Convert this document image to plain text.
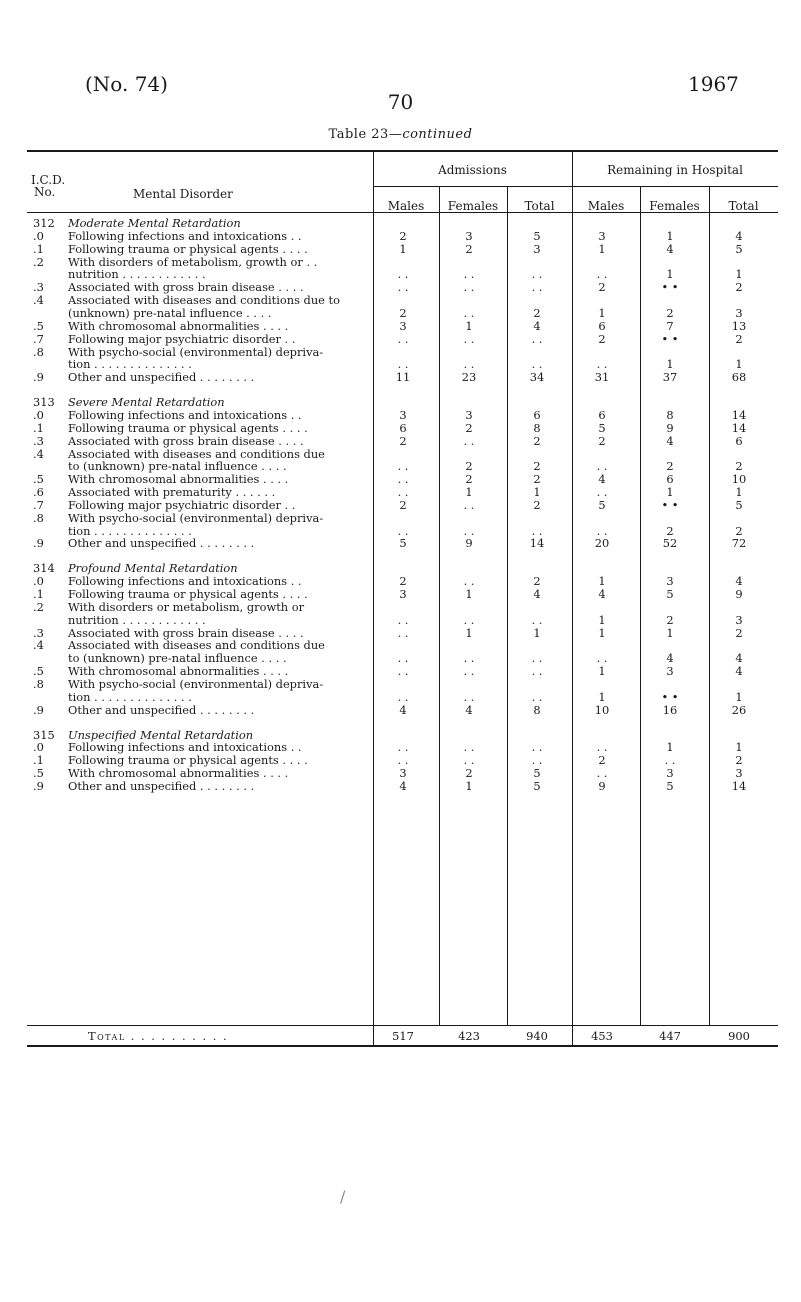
(No. 74)
70
1967
Table 23—continued
Admissions	Remaining in Hospital
I.C.D.
No.	Mental Disorder
Males	Females	Total	Males	Females	Total
312 Moderate Mental Retardation
.0 Following infections and intoxications . .	2	3	5	3	1	4
.1 Following trauma or physical agents . . . .	1	2	3	1	4	5
.2 With disorders of metabolism, growth or . .
nutrition . . . . . . . . . . . .	. .	. .	. .	. .	1	1
.3 Associated with gross brain disease . . . .	. .	. .	. .	2	• •	2
.4 Associated with diseases and conditions due to
(unknown) pre-natal influence . . . .	2	. .	2	1	2	3
.5 With chromosomal abnormalities . . . .	3	1	4	6	7	13
.7 Following major psychiatric disorder . .	. .	. .	. .	2	• •	2
.8 With psycho-social (environmental) depriva-
tion . . . . . . . . . . . . . .	. .	. .	. .	. .	1	1
.9 Other and unspecified . . . . . . . .	11	23	34	31	37	68
313 Severe Mental Retardation
.0 Following infections and intoxications . .	3	3	6	6	8	14
.1 Following trauma or physical agents . . . .	6	2	8	5	9	14
.3 Associated with gross brain disease . . . .	2	. .	2	2	4	6
.4 Associated with diseases and conditions due
to (unknown) pre-natal influence . . . .	. .	2	2	. .	2	2
.5 With chromosomal abnormalities . . . .	. .	2	2	4	6	10
.6 Associated with prematurity . . . . . .	. .	1	1	. .	1	1
.7 Following major psychiatric disorder . .	2	. .	2	5	• •	5
.8 With psycho-social (environmental) depriva-
tion . . . . . . . . . . . . . .	. .	. .	. .	. .	2	2
.9 Other and unspecified . . . . . . . .	5	9	14	20	52	72
314 Profound Mental Retardation
.0 Following infections and intoxications . .	2	. .	2	1	3	4
.1 Following trauma or physical agents . . . .	3	1	4	4	5	9
.2 With disorders or metabolism, growth or
nutrition . . . . . . . . . . . .	. .	. .	. .	1	2	3
.3 Associated with gross brain disease . . . .	. .	1	1	1	1	2
.4 Associated with diseases and conditions due
to (unknown) pre-natal influence . . . .	. .	. .	. .	. .	4	4
.5 With chromosomal abnormalities . . . .	. .	. .	. .	1	3	4
.8 With psycho-social (environmental) depriva-
tion . . . . . . . . . . . . . .	. .	. .	. .	1	• •	1
.9 Other and unspecified . . . . . . . .	4	4	8	10	16	26
315 Unspecified Mental Retardation
.0 Following infections and intoxications . .	. .	. .	. .	. .	1	1
.1 Following trauma or physical agents . . . .	. .	. .	. .	2	. .	2
.5 With chromosomal abnormalities . . . .	3	2	5	. .	3	3
.9 Other and unspecified . . . . . . . .	4	1	5	9	5	14
Total . . . . . . . . . .	517	423	940	453	447	900
/
